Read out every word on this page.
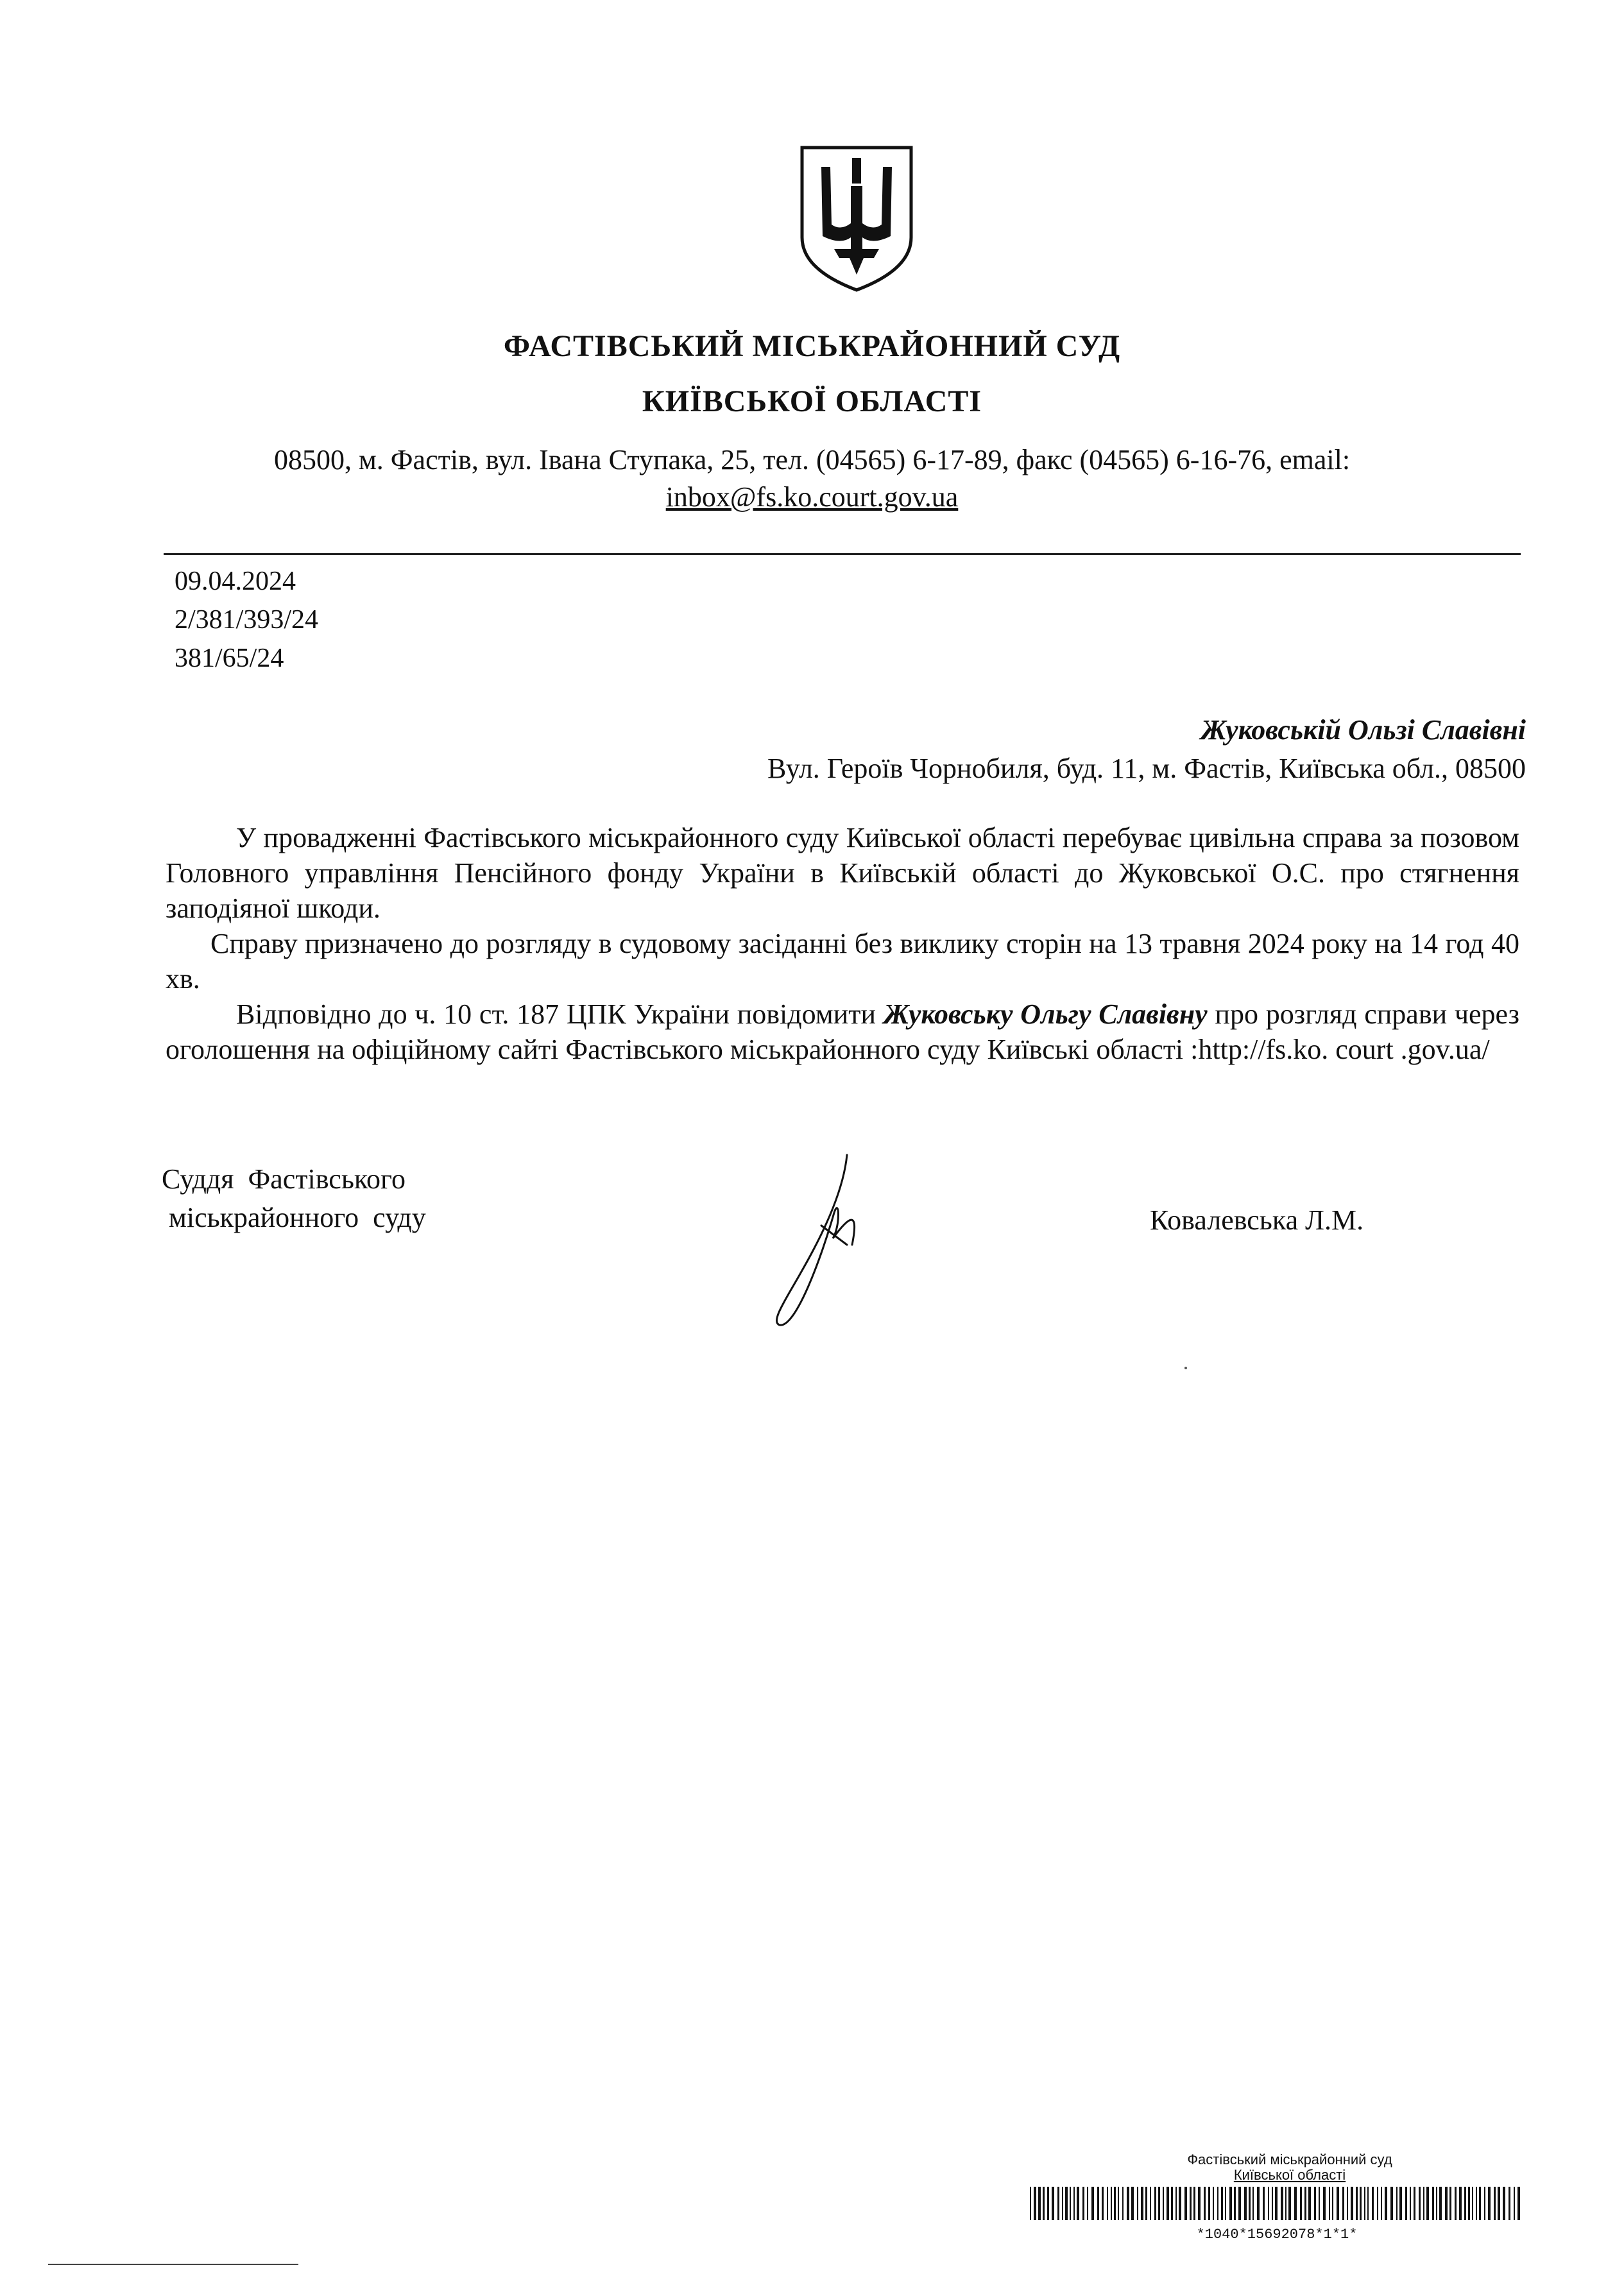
ФАСТІВСЬКИЙ МІСЬКРАЙОННИЙ СУД
КИЇВСЬКОЇ ОБЛАСТІ
08500, м. Фастів, вул. Івана Ступака, 25, тел. (04565) 6-17-89, факс (04565) 6-16-76, email:
inbox@fs.ko.court.gov.ua
09.04.2024
2/381/393/24
381/65/24
Жуковській Ользі Славівні
Вул. Героїв Чорнобиля, буд. 11, м. Фастів, Київська обл., 08500

У провадженні Фастівського міськрайонного суду Київської області перебуває цивільна справа за позовом Головного управління Пенсійного фонду України в Київській області до Жуковської О.С. про стягнення заподіяної шкоди.

Справу призначено до розгляду в судовому засіданні без виклику сторін на 13 травня 2024 року на 14 год 40 хв.

Відповідно до ч. 10 ст. 187 ЦПК України повідомити Жуковську Ольгу Славівну про розгляд справи через оголошення на офіційному сайті Фастівського міськрайонного суду Київські області :http://fs.ko. court .gov.ua/

Суддя  Фастівського
міськрайонного  суду	Ковалевська Л.М.
Фастівський міськрайонний суд
Київської області
*1040*15692078*1*1*
